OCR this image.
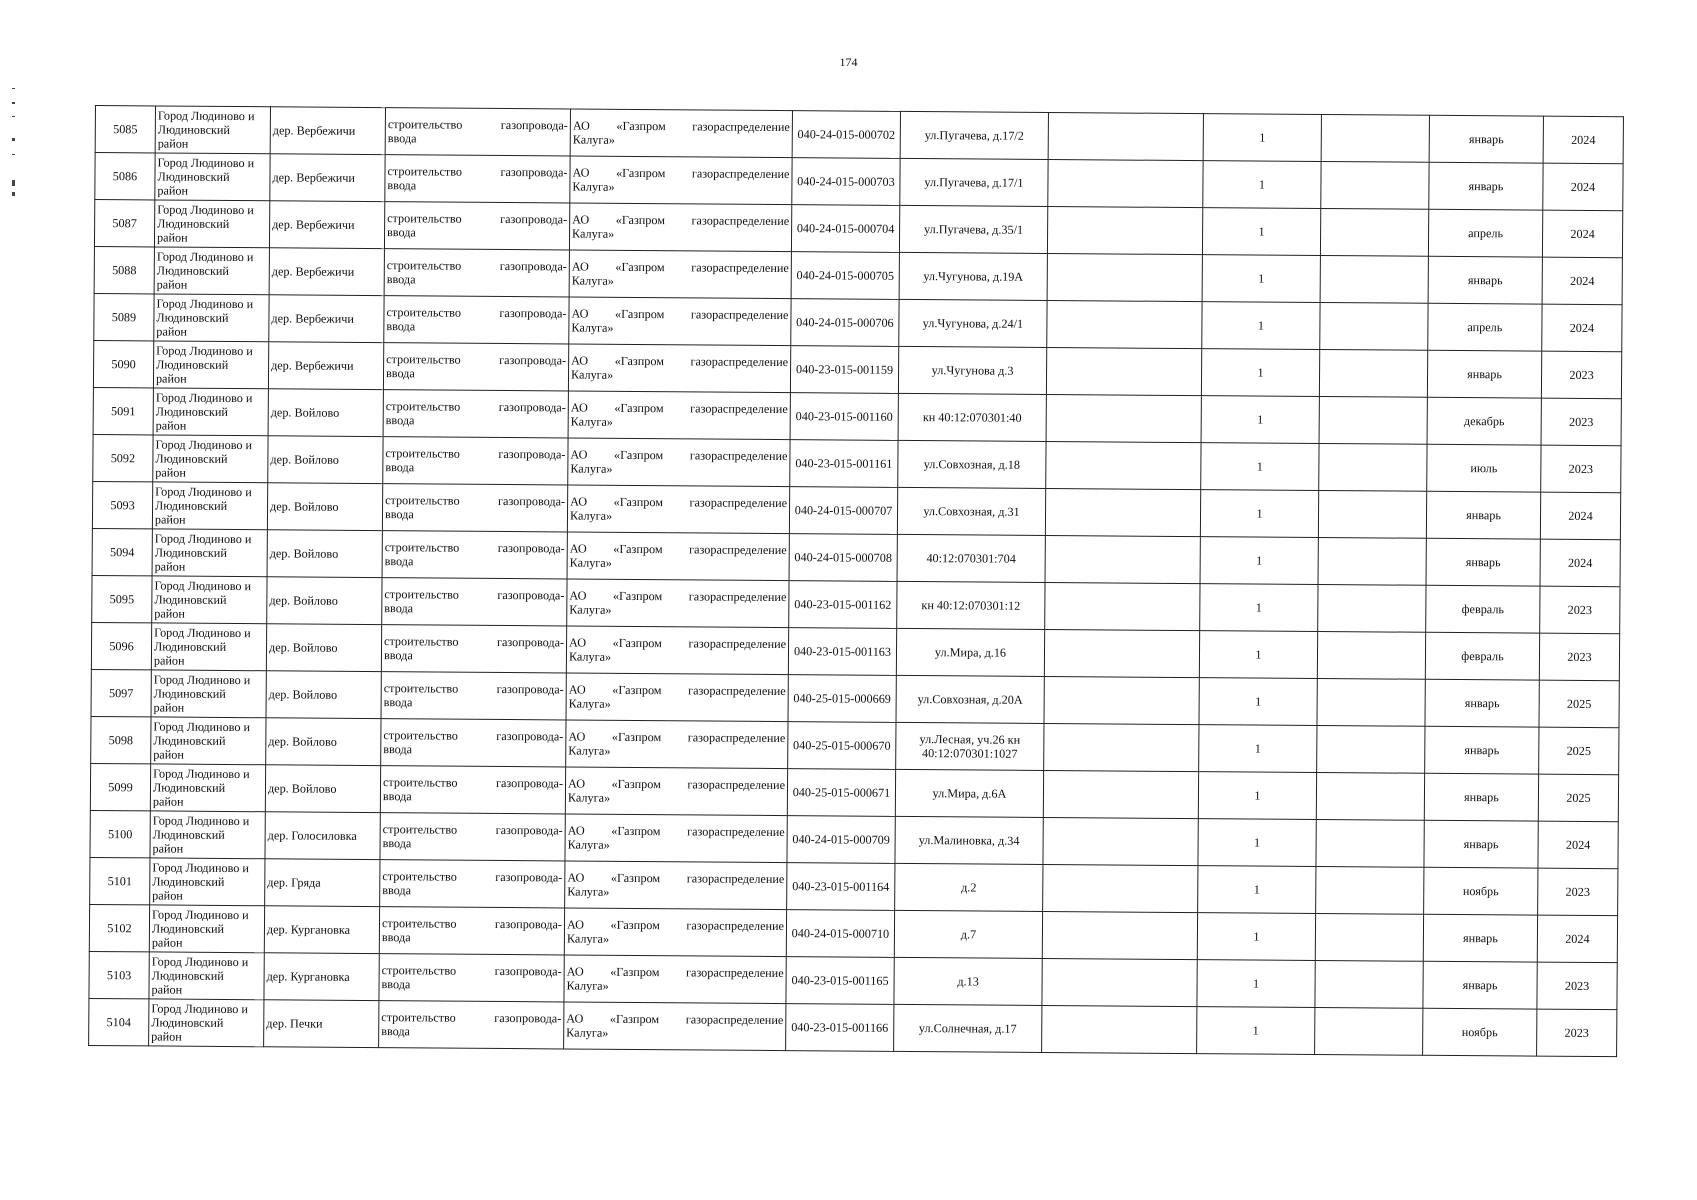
174
5085	Город Людиново и
Людиновский
район	дер. Вербежичи	строительство газопровода-
ввода	АО «Газпром газораспределение
Калуга»	040-24-015-000702	ул.Пугачева, д.17/2		1		январь	2024
5086	Город Людиново и
Людиновский
район	дер. Вербежичи	строительство газопровода-
ввода	АО «Газпром газораспределение
Калуга»	040-24-015-000703	ул.Пугачева, д.17/1		1		январь	2024
5087	Город Людиново и
Людиновский
район	дер. Вербежичи	строительство газопровода-
ввода	АО «Газпром газораспределение
Калуга»	040-24-015-000704	ул.Пугачева, д.35/1		1		апрель	2024
5088	Город Людиново и
Людиновский
район	дер. Вербежичи	строительство газопровода-
ввода	АО «Газпром газораспределение
Калуга»	040-24-015-000705	ул.Чугунова, д.19А		1		январь	2024
5089	Город Людиново и
Людиновский
район	дер. Вербежичи	строительство газопровода-
ввода	АО «Газпром газораспределение
Калуга»	040-24-015-000706	ул.Чугунова, д.24/1		1		апрель	2024
5090	Город Людиново и
Людиновский
район	дер. Вербежичи	строительство газопровода-
ввода	АО «Газпром газораспределение
Калуга»	040-23-015-001159	ул.Чугунова д.3		1		январь	2023
5091	Город Людиново и
Людиновский
район	дер. Войлово	строительство газопровода-
ввода	АО «Газпром газораспределение
Калуга»	040-23-015-001160	кн 40:12:070301:40		1		декабрь	2023
5092	Город Людиново и
Людиновский
район	дер. Войлово	строительство газопровода-
ввода	АО «Газпром газораспределение
Калуга»	040-23-015-001161	ул.Совхозная, д.18		1		июль	2023
5093	Город Людиново и
Людиновский
район	дер. Войлово	строительство газопровода-
ввода	АО «Газпром газораспределение
Калуга»	040-24-015-000707	ул.Совхозная, д.31		1		январь	2024
5094	Город Людиново и
Людиновский
район	дер. Войлово	строительство газопровода-
ввода	АО «Газпром газораспределение
Калуга»	040-24-015-000708	40:12:070301:704		1		январь	2024
5095	Город Людиново и
Людиновский
район	дер. Войлово	строительство газопровода-
ввода	АО «Газпром газораспределение
Калуга»	040-23-015-001162	кн 40:12:070301:12		1		февраль	2023
5096	Город Людиново и
Людиновский
район	дер. Войлово	строительство газопровода-
ввода	АО «Газпром газораспределение
Калуга»	040-23-015-001163	ул.Мира, д.16		1		февраль	2023
5097	Город Людиново и
Людиновский
район	дер. Войлово	строительство газопровода-
ввода	АО «Газпром газораспределение
Калуга»	040-25-015-000669	ул.Совхозная, д.20А		1		январь	2025
5098	Город Людиново и
Людиновский
район	дер. Войлово	строительство газопровода-
ввода	АО «Газпром газораспределение
Калуга»	040-25-015-000670	ул.Лесная, уч.26 кн 40:12:070301:1027		1		январь	2025
5099	Город Людиново и
Людиновский
район	дер. Войлово	строительство газопровода-
ввода	АО «Газпром газораспределение
Калуга»	040-25-015-000671	ул.Мира, д.6А		1		январь	2025
5100	Город Людиново и
Людиновский
район	дер. Голосиловка	строительство газопровода-
ввода	АО «Газпром газораспределение
Калуга»	040-24-015-000709	ул.Малиновка, д.34		1		январь	2024
5101	Город Людиново и
Людиновский
район	дер. Гряда	строительство газопровода-
ввода	АО «Газпром газораспределение
Калуга»	040-23-015-001164	д.2		1		ноябрь	2023
5102	Город Людиново и
Людиновский
район	дер. Кургановка	строительство газопровода-
ввода	АО «Газпром газораспределение
Калуга»	040-24-015-000710	д.7		1		январь	2024
5103	Город Людиново и
Людиновский
район	дер. Кургановка	строительство газопровода-
ввода	АО «Газпром газораспределение
Калуга»	040-23-015-001165	д.13		1		январь	2023
5104	Город Людиново и
Людиновский
район	дер. Печки	строительство газопровода-
ввода	АО «Газпром газораспределение
Калуга»	040-23-015-001166	ул.Солнечная, д.17		1		ноябрь	2023
